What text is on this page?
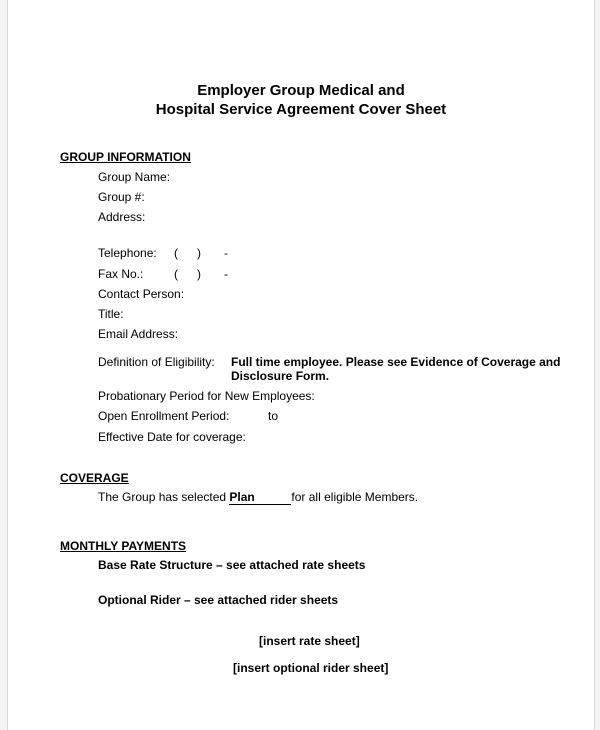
Employer Group Medical and
Hospital Service Agreement Cover Sheet
GROUP INFORMATION
Group Name:
Group #:
Address:
Telephone: ( ) -
Fax No.:	( ) -
Contact Person:
Title:
Email Address:
Definition of Eligibility: Full time employee. Please see Evidence of Coverage and
Disclosure Form.
Probationary Period for New Employees:
Open Enrollment Period:	to
Effective Date for coverage:
COVERAGE
The Group has selected Plan	for all eligible Members.
MONTHLY PAYMENTS
Base Rate Structure – see attached rate sheets
Optional Rider – see attached rider sheets
[insert rate sheet]
[insert optional rider sheet]
